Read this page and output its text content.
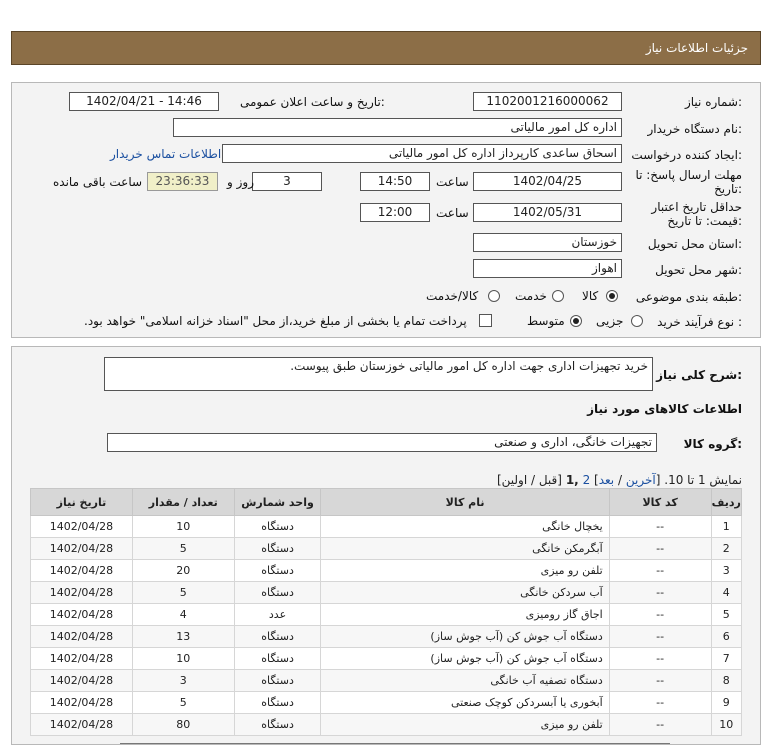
جزئیات اطلاعات نیاز
شماره نیاز:
1102001216000062
تاریخ و ساعت اعلان عمومی:
1402/04/21 - 14:46
نام دستگاه خریدار:
اداره کل امور مالیاتی
ایجاد کننده درخواست:
اسحاق ساعدی کارپرداز اداره کل امور مالیاتی
اطلاعات تماس خریدار
مهلت ارسال پاسخ: تا
تاریخ:
1402/04/25
ساعت
14:50
3
روز و
23:36:33
ساعت باقی مانده
حداقل تاریخ اعتبار
قیمت: تا تاریخ:
1402/05/31
ساعت
12:00
استان محل تحویل:
خوزستان
شهر محل تحویل:
اهواز
طبقه بندی موضوعی:
کالا
خدمت
کالا/خدمت
نوع فرآیند خرید :
جزیی
متوسط
پرداخت تمام یا بخشی از مبلغ خرید،از محل "اسناد خزانه اسلامی" خواهد بود.
شرح کلی نیاز:
خرید تجهیزات اداری جهت اداره کل امور مالیاتی خوزستان طبق پیوست.
اطلاعات کالاهای مورد نیاز
گروه کالا:
تجهیزات خانگی، اداری و صنعتی
نمایش 1 تا 10. [آخرین / بعد] 2 ,1 [قبل / اولین]
ردیف	کد کالا	نام کالا	واحد شمارش	تعداد / مقدار	تاریخ نیاز
1	--	یخچال خانگی	دستگاه	10	1402/04/28
2	--	آبگرمکن خانگی	دستگاه	5	1402/04/28
3	--	تلفن رو میزی	دستگاه	20	1402/04/28
4	--	آب سردکن خانگی	دستگاه	5	1402/04/28
5	--	اجاق گاز رومیزی	عدد	4	1402/04/28
6	--	دستگاه آب جوش کن (آب جوش ساز)	دستگاه	13	1402/04/28
7	--	دستگاه آب جوش کن (آب جوش ساز)	دستگاه	10	1402/04/28
8	--	دستگاه تصفیه آب خانگی	دستگاه	3	1402/04/28
9	--	آبخوری یا آبسردکن کوچک صنعتی	دستگاه	5	1402/04/28
10	--	تلفن رو میزی	دستگاه	80	1402/04/28
